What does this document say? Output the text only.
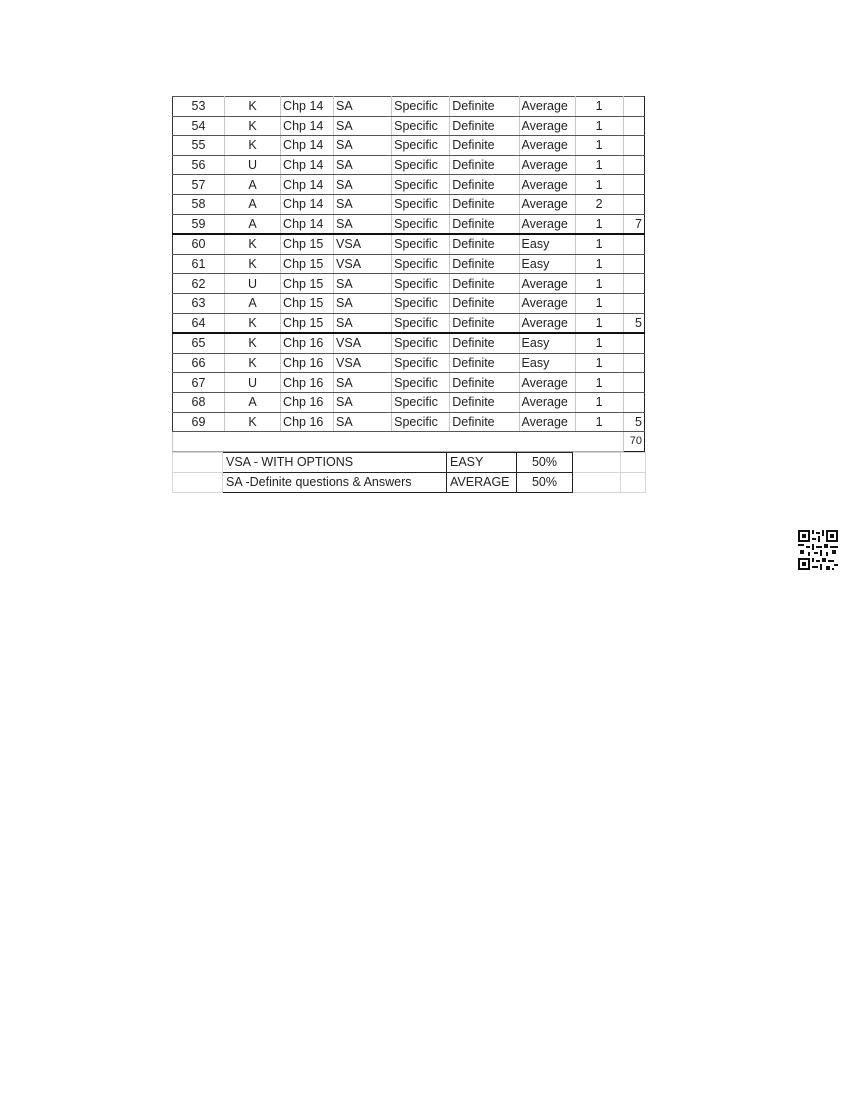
53	K	Chp 14	SA	Specific	Definite	Average	1	
54	K	Chp 14	SA	Specific	Definite	Average	1	
55	K	Chp 14	SA	Specific	Definite	Average	1	
56	U	Chp 14	SA	Specific	Definite	Average	1	
57	A	Chp 14	SA	Specific	Definite	Average	1	
58	A	Chp 14	SA	Specific	Definite	Average	2	
59	A	Chp 14	SA	Specific	Definite	Average	1	7
60	K	Chp 15	VSA	Specific	Definite	Easy	1	
61	K	Chp 15	VSA	Specific	Definite	Easy	1	
62	U	Chp 15	SA	Specific	Definite	Average	1	
63	A	Chp 15	SA	Specific	Definite	Average	1	
64	K	Chp 15	SA	Specific	Definite	Average	1	5
65	K	Chp 16	VSA	Specific	Definite	Easy	1	
66	K	Chp 16	VSA	Specific	Definite	Easy	1	
67	U	Chp 16	SA	Specific	Definite	Average	1	
68	A	Chp 16	SA	Specific	Definite	Average	1	
69	K	Chp 16	SA	Specific	Definite	Average	1	5
								70
	VSA - WITH OPTIONS	EASY	50%		
	SA -Definite questions & Answers	AVERAGE	50%		
